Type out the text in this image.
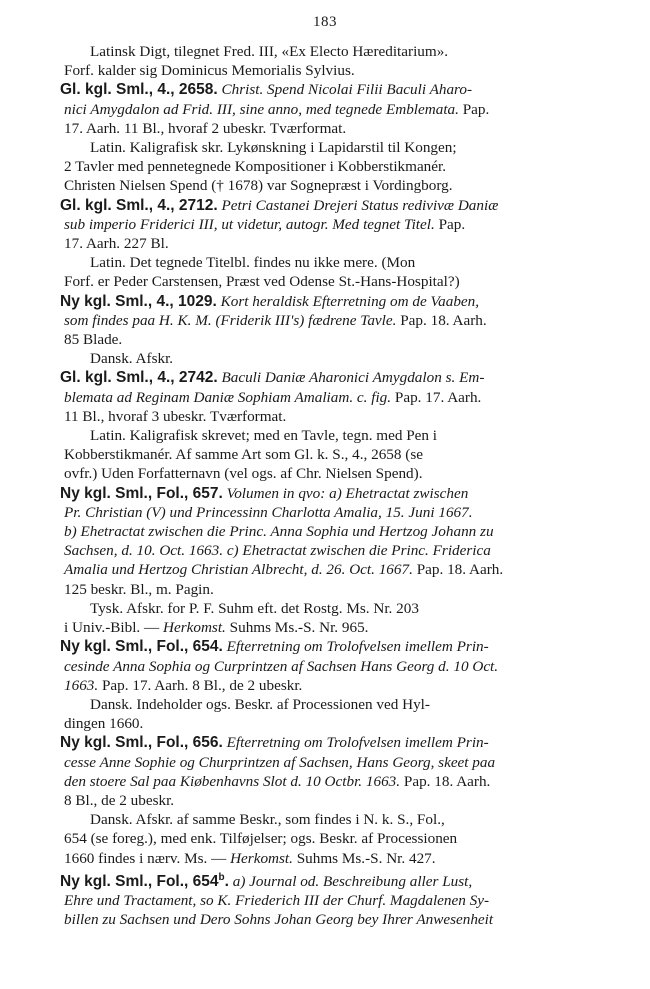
183
Latinsk Digt, tilegnet Fred. III, «Ex Electo Hæreditarium».
Forf. kalder sig Dominicus Memorialis Sylvius.
Gl. kgl. Sml., 4., 2658. Christ. Spend Nicolai Filii Baculi Aharo-
nici Amygdalon ad Frid. III, sine anno, med tegnede Emblemata. Pap.
17. Aarh. 11 Bl., hvoraf 2 ubeskr. Tværformat.
Latin. Kaligrafisk skr. Lykønskning i Lapidarstil til Kongen;
2 Tavler med pennetegnede Kompositioner i Kobberstikmanér.
Christen Nielsen Spend († 1678) var Sognepræst i Vordingborg.
Gl. kgl. Sml., 4., 2712. Petri Castanei Drejeri Status redivivæ Daniæ
sub imperio Friderici III, ut videtur, autogr. Med tegnet Titel. Pap.
17. Aarh. 227 Bl.
Latin. Det tegnede Titelbl. findes nu ikke mere. (Mon
Forf. er Peder Carstensen, Præst ved Odense St.-Hans-Hospital?)
Ny kgl. Sml., 4., 1029. Kort heraldisk Efterretning om de Vaaben,
som findes paa H. K. M. (Friderik III's) fædrene Tavle. Pap. 18. Aarh.
85 Blade.
Dansk. Afskr.
Gl. kgl. Sml., 4., 2742. Baculi Daniæ Aharonici Amygdalon s. Em-
blemata ad Reginam Daniæ Sophiam Amaliam. c. fig. Pap. 17. Aarh.
11 Bl., hvoraf 3 ubeskr. Tværformat.
Latin. Kaligrafisk skrevet; med en Tavle, tegn. med Pen i
Kobberstikmanér. Af samme Art som Gl. k. S., 4., 2658 (se
ovfr.) Uden Forfatternavn (vel ogs. af Chr. Nielsen Spend).
Ny kgl. Sml., Fol., 657. Volumen in qvo: a) Ehetractat zwischen
Pr. Christian (V) und Princessinn Charlotta Amalia, 15. Juni 1667.
b) Ehetractat zwischen die Princ. Anna Sophia und Hertzog Johann zu
Sachsen, d. 10. Oct. 1663. c) Ehetractat zwischen die Princ. Friderica
Amalia und Hertzog Christian Albrecht, d. 26. Oct. 1667. Pap. 18. Aarh.
125 beskr. Bl., m. Pagin.
Tysk. Afskr. for P. F. Suhm eft. det Rostg. Ms. Nr. 203
i Univ.-Bibl. — Herkomst. Suhms Ms.-S. Nr. 965.
Ny kgl. Sml., Fol., 654. Efterretning om Trolofvelsen imellem Prin-
cesinde Anna Sophia og Curprintzen af Sachsen Hans Georg d. 10 Oct.
1663. Pap. 17. Aarh. 8 Bl., de 2 ubeskr.
Dansk. Indeholder ogs. Beskr. af Processionen ved Hyl-
dingen 1660.
Ny kgl. Sml., Fol., 656. Efterretning om Trolofvelsen imellem Prin-
cesse Anne Sophie og Churprintzen af Sachsen, Hans Georg, skeet paa
den stoere Sal paa Kiøbenhavns Slot d. 10 Octbr. 1663. Pap. 18. Aarh.
8 Bl., de 2 ubeskr.
Dansk. Afskr. af samme Beskr., som findes i N. k. S., Fol.,
654 (se foreg.), med enk. Tilføjelser; ogs. Beskr. af Processionen
1660 findes i nærv. Ms. — Herkomst. Suhms Ms.-S. Nr. 427.
Ny kgl. Sml., Fol., 654$^b$. a) Journal od. Beschreibung aller Lust,
Ehre und Tractament, so K. Friederich III der Churf. Magdalenen Sy-
billen zu Sachsen und Dero Sohns Johan Georg bey Ihrer Anwesenheit
